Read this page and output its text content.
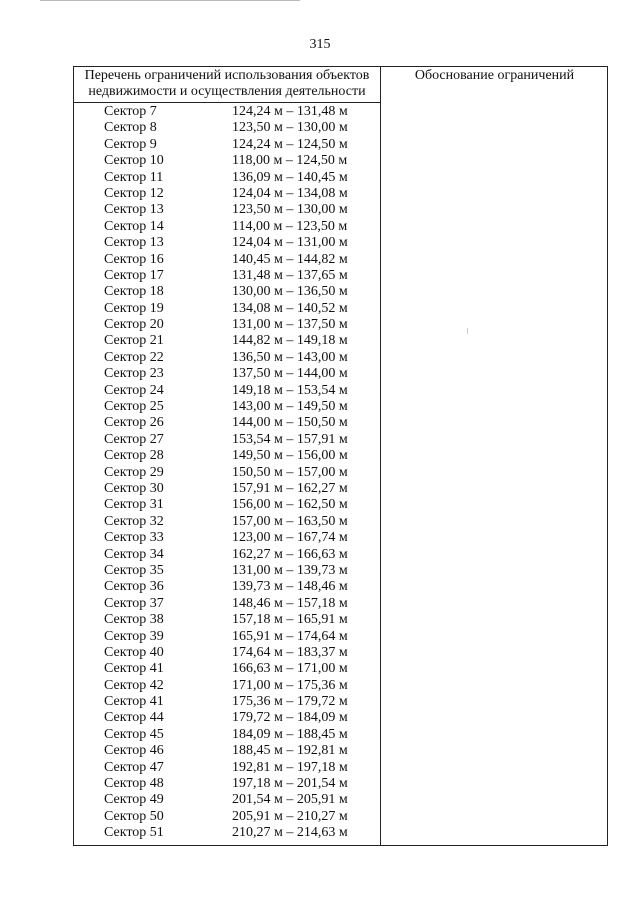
315
Перечень ограничений использования объектов недвижимости и осуществления деятельности
Обоснование ограничений
Сектор 7	124,24 м – 131,48 м
Сектор 8	123,50 м – 130,00 м
Сектор 9	124,24 м – 124,50 м
Сектор 10	118,00 м – 124,50 м
Сектор 11	136,09 м – 140,45 м
Сектор 12	124,04 м – 134,08 м
Сектор 13	123,50 м – 130,00 м
Сектор 14	114,00 м – 123,50 м
Сектор 13	124,04 м – 131,00 м
Сектор 16	140,45 м – 144,82 м
Сектор 17	131,48 м – 137,65 м
Сектор 18	130,00 м – 136,50 м
Сектор 19	134,08 м – 140,52 м
Сектор 20	131,00 м – 137,50 м
Сектор 21	144,82 м – 149,18 м
Сектор 22	136,50 м – 143,00 м
Сектор 23	137,50 м – 144,00 м
Сектор 24	149,18 м – 153,54 м
Сектор 25	143,00 м – 149,50 м
Сектор 26	144,00 м – 150,50 м
Сектор 27	153,54 м – 157,91 м
Сектор 28	149,50 м – 156,00 м
Сектор 29	150,50 м – 157,00 м
Сектор 30	157,91 м – 162,27 м
Сектор 31	156,00 м – 162,50 м
Сектор 32	157,00 м – 163,50 м
Сектор 33	123,00 м – 167,74 м
Сектор 34	162,27 м – 166,63 м
Сектор 35	131,00 м – 139,73 м
Сектор 36	139,73 м – 148,46 м
Сектор 37	148,46 м – 157,18 м
Сектор 38	157,18 м – 165,91 м
Сектор 39	165,91 м – 174,64 м
Сектор 40	174,64 м – 183,37 м
Сектор 41	166,63 м – 171,00 м
Сектор 42	171,00 м – 175,36 м
Сектор 41	175,36 м – 179,72 м
Сектор 44	179,72 м – 184,09 м
Сектор 45	184,09 м – 188,45 м
Сектор 46	188,45 м – 192,81 м
Сектор 47	192,81 м – 197,18 м
Сектор 48	197,18 м – 201,54 м
Сектор 49	201,54 м – 205,91 м
Сектор 50	205,91 м – 210,27 м
Сектор 51	210,27 м – 214,63 м
